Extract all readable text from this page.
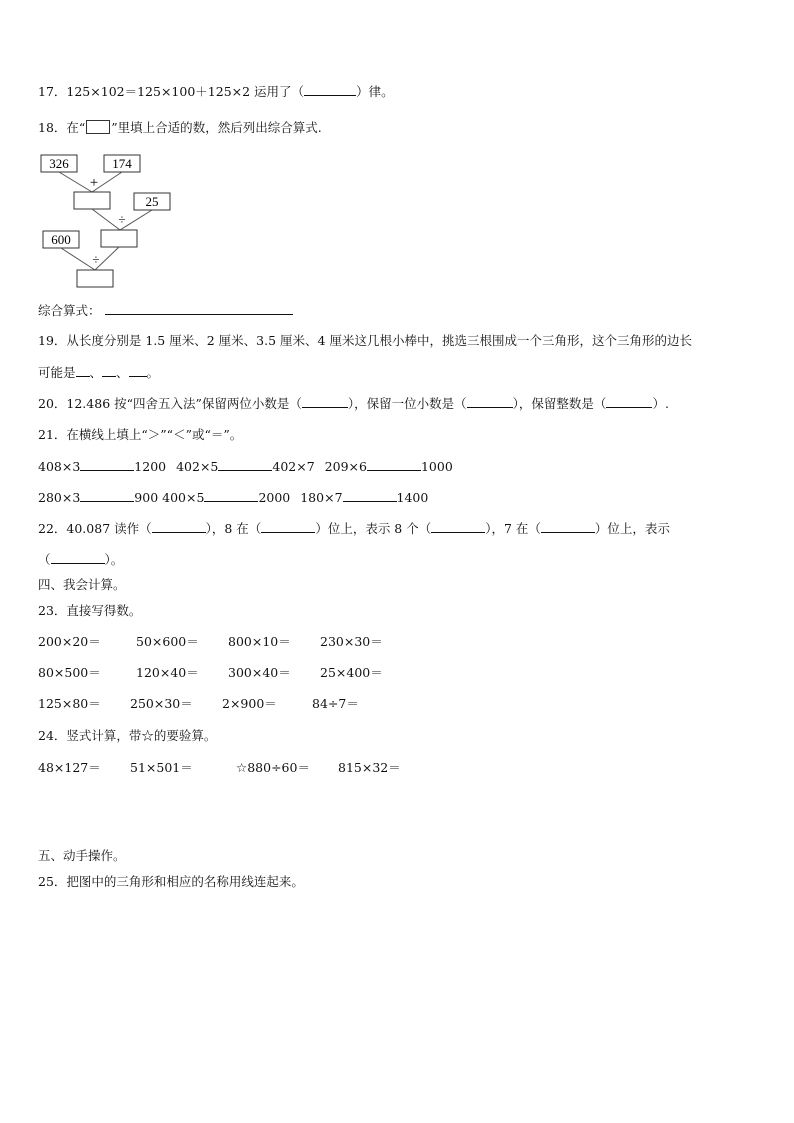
17．125×102＝125×100＋125×2 运用了（	）律。
18．在“ ”里填上合适的数，然后列出综合算式.
326	174
+
25
÷
600
÷
综合算式：
19．从长度分别是 1.5 厘米、2 厘米、3.5 厘米、4 厘米这几根小棒中，挑选三根围成一个三角形，这个三角形的边长
可能是 、 、 。
20．12.486 按“四舍五入法”保留两位小数是（	），保留一位小数是（	），保留整数是（	）.
21．在横线上填上“＞”“＜”或“＝”。
408×3	1200 402×5	402×7 209×6	1000
280×3	900 400×5	2000 180×7	1400
22．40.087 读作（	），8 在（	）位上，表示 8 个（	），7 在（	）位上，表示
（	）。
四、我会计算。
23．直接写得数。
200×20＝	50×600＝ 800×10＝ 230×30＝
80×500＝	120×40＝ 300×40＝ 25×400＝
125×80＝ 250×30＝ 2×900＝	84÷7＝
24．竖式计算，带☆的要验算。
48×127＝ 51×501＝	☆880÷60＝ 815×32＝
五、动手操作。
25．把图中的三角形和相应的名称用线连起来。
